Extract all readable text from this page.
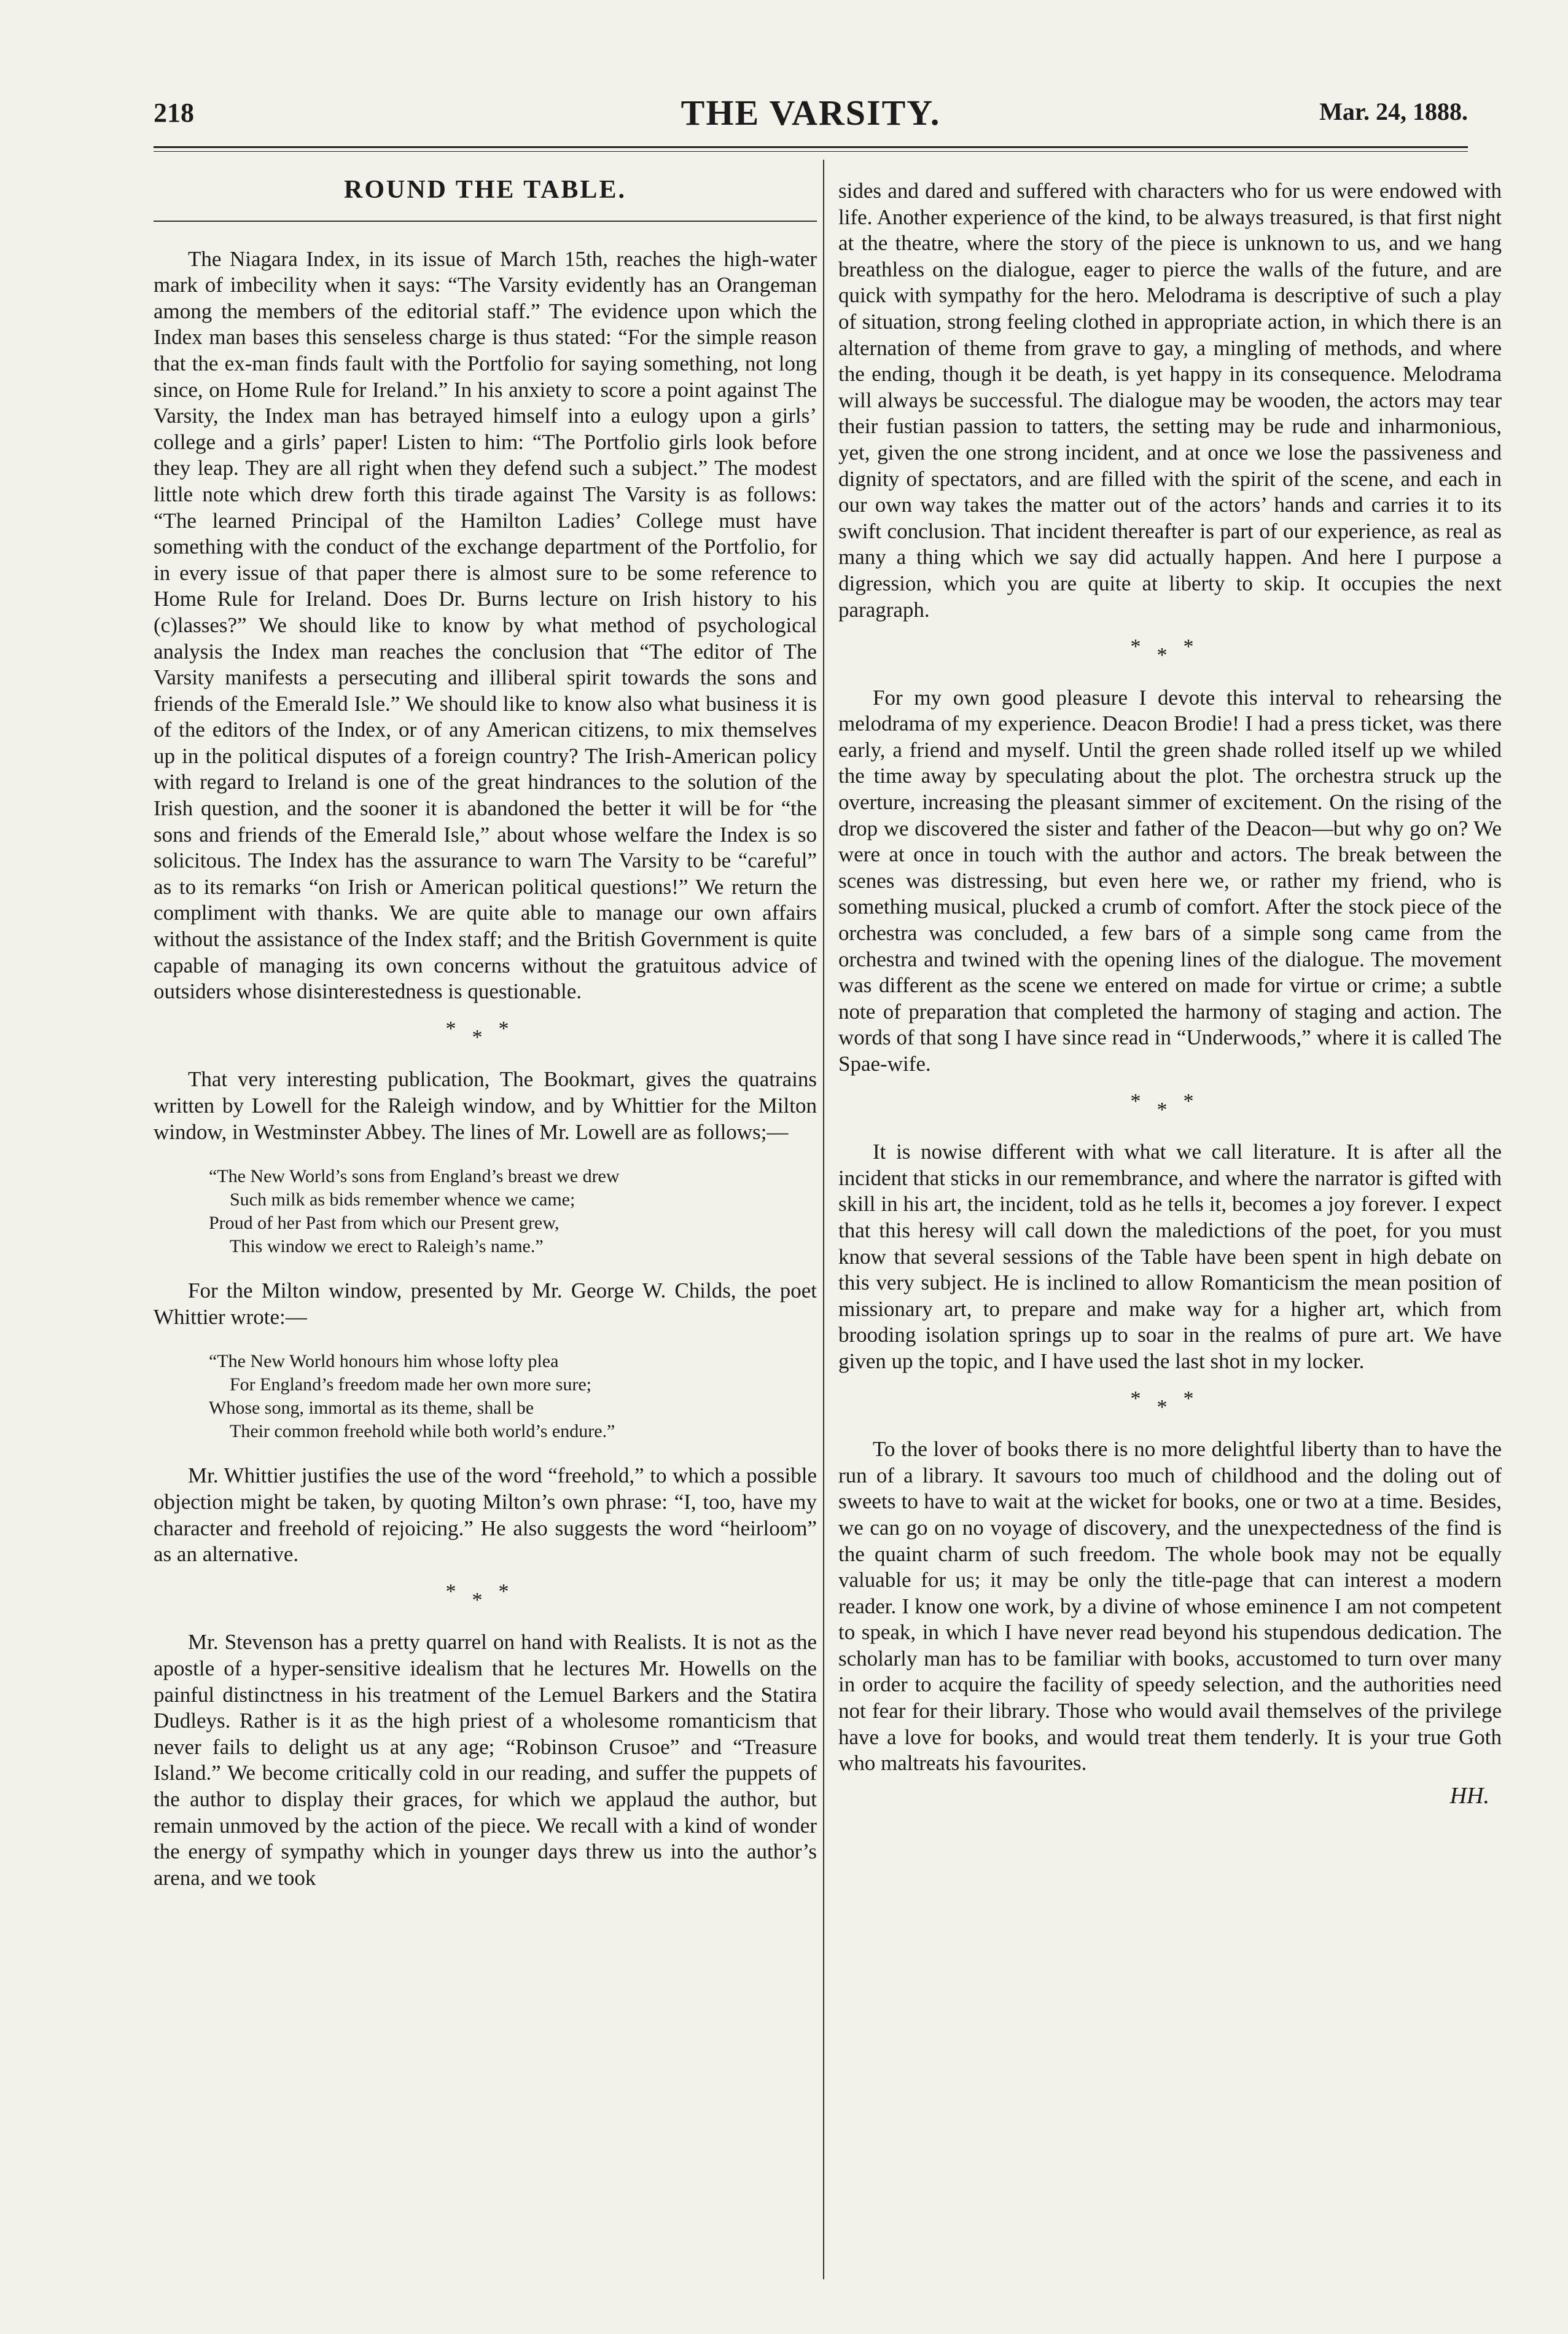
218	THE VARSITY.	Mar. 24, 1888.
ROUND THE TABLE.

The Niagara Index, in its issue of March 15th, reaches the high-water mark of imbecility when it says: “The Varsity evidently has an Orangeman among the members of the editorial staff.” The evidence upon which the Index man bases this senseless charge is thus stated: “For the simple reason that the ex-man finds fault with the Portfolio for saying something, not long since, on Home Rule for Ireland.” In his anxiety to score a point against The Varsity, the Index man has betrayed himself into a eulogy upon a girls’ college and a girls’ paper! Listen to him: “The Portfolio girls look before they leap. They are all right when they defend such a subject.” The modest little note which drew forth this tirade against The Varsity is as follows: “The learned Principal of the Hamilton Ladies’ College must have something with the conduct of the exchange department of the Portfolio, for in every issue of that paper there is almost sure to be some reference to Home Rule for Ireland. Does Dr. Burns lecture on Irish history to his (c)lasses?” We should like to know by what method of psychological analysis the Index man reaches the conclusion that “The editor of The Varsity manifests a persecuting and illiberal spirit towards the sons and friends of the Emerald Isle.” We should like to know also what business it is of the editors of the Index, or of any American citizens, to mix themselves up in the political disputes of a foreign country? The Irish-American policy with regard to Ireland is one of the great hindrances to the solution of the Irish question, and the sooner it is abandoned the better it will be for “the sons and friends of the Emerald Isle,” about whose welfare the Index is so solicitous. The Index has the assurance to warn The Varsity to be “careful” as to its remarks “on Irish or American political questions!” We return the compliment with thanks. We are quite able to manage our own affairs without the assistance of the Index staff; and the British Government is quite capable of managing its own concerns without the gratuitous advice of outsiders whose disinterestedness is questionable.

***

That very interesting publication, The Bookmart, gives the quatrains written by Lowell for the Raleigh window, and by Whittier for the Milton window, in Westminster Abbey. The lines of Mr. Lowell are as follows;—

“The New World’s sons from England’s breast we drew
Such milk as bids remember whence we came;
Proud of her Past from which our Present grew,
This window we erect to Raleigh’s name.”

For the Milton window, presented by Mr. George W. Childs, the poet Whittier wrote:—

“The New World honours him whose lofty plea
For England’s freedom made her own more sure;
Whose song, immortal as its theme, shall be
Their common freehold while both world’s endure.”

Mr. Whittier justifies the use of the word “freehold,” to which a possible objection might be taken, by quoting Milton’s own phrase: “I, too, have my character and freehold of rejoicing.” He also suggests the word “heirloom” as an alternative.

***

Mr. Stevenson has a pretty quarrel on hand with Realists. It is not as the apostle of a hyper-sensitive idealism that he lectures Mr. Howells on the painful distinctness in his treatment of the Lemuel Barkers and the Statira Dudleys. Rather is it as the high priest of a wholesome romanticism that never fails to delight us at any age; “Robinson Crusoe” and “Treasure Island.” We become critically cold in our reading, and suffer the puppets of the author to display their graces, for which we applaud the author, but remain unmoved by the action of the piece. We recall with a kind of wonder the energy of sympathy which in younger days threw us into the author’s arena, and we took

sides and dared and suffered with characters who for us were endowed with life. Another experience of the kind, to be always treasured, is that first night at the theatre, where the story of the piece is unknown to us, and we hang breathless on the dialogue, eager to pierce the walls of the future, and are quick with sympathy for the hero. Melodrama is descriptive of such a play of situation, strong feeling clothed in appropriate action, in which there is an alternation of theme from grave to gay, a mingling of methods, and where the ending, though it be death, is yet happy in its consequence. Melodrama will always be successful. The dialogue may be wooden, the actors may tear their fustian passion to tatters, the setting may be rude and inharmonious, yet, given the one strong incident, and at once we lose the passiveness and dignity of spectators, and are filled with the spirit of the scene, and each in our own way takes the matter out of the actors’ hands and carries it to its swift conclusion. That incident thereafter is part of our experience, as real as many a thing which we say did actually happen. And here I purpose a digression, which you are quite at liberty to skip. It occupies the next paragraph.

***

For my own good pleasure I devote this interval to rehearsing the melodrama of my experience. Deacon Brodie! I had a press ticket, was there early, a friend and myself. Until the green shade rolled itself up we whiled the time away by speculating about the plot. The orchestra struck up the overture, increasing the pleasant simmer of excitement. On the rising of the drop we discovered the sister and father of the Deacon—but why go on? We were at once in touch with the author and actors. The break between the scenes was distressing, but even here we, or rather my friend, who is something musical, plucked a crumb of comfort. After the stock piece of the orchestra was concluded, a few bars of a simple song came from the orchestra and twined with the opening lines of the dialogue. The movement was different as the scene we entered on made for virtue or crime; a subtle note of preparation that completed the harmony of staging and action. The words of that song I have since read in “Underwoods,” where it is called The Spae-wife.

***

It is nowise different with what we call literature. It is after all the incident that sticks in our remembrance, and where the narrator is gifted with skill in his art, the incident, told as he tells it, becomes a joy forever. I expect that this heresy will call down the maledictions of the poet, for you must know that several sessions of the Table have been spent in high debate on this very subject. He is inclined to allow Romanticism the mean position of missionary art, to prepare and make way for a higher art, which from brooding isolation springs up to soar in the realms of pure art. We have given up the topic, and I have used the last shot in my locker.

***

To the lover of books there is no more delightful liberty than to have the run of a library. It savours too much of childhood and the doling out of sweets to have to wait at the wicket for books, one or two at a time. Besides, we can go on no voyage of discovery, and the unexpectedness of the find is the quaint charm of such freedom. The whole book may not be equally valuable for us; it may be only the title-page that can interest a modern reader. I know one work, by a divine of whose eminence I am not competent to speak, in which I have never read beyond his stupendous dedication. The scholarly man has to be familiar with books, accustomed to turn over many in order to acquire the facility of speedy selection, and the authorities need not fear for their library. Those who would avail themselves of the privilege have a love for books, and would treat them tenderly. It is your true Goth who maltreats his favourites.

HH.
